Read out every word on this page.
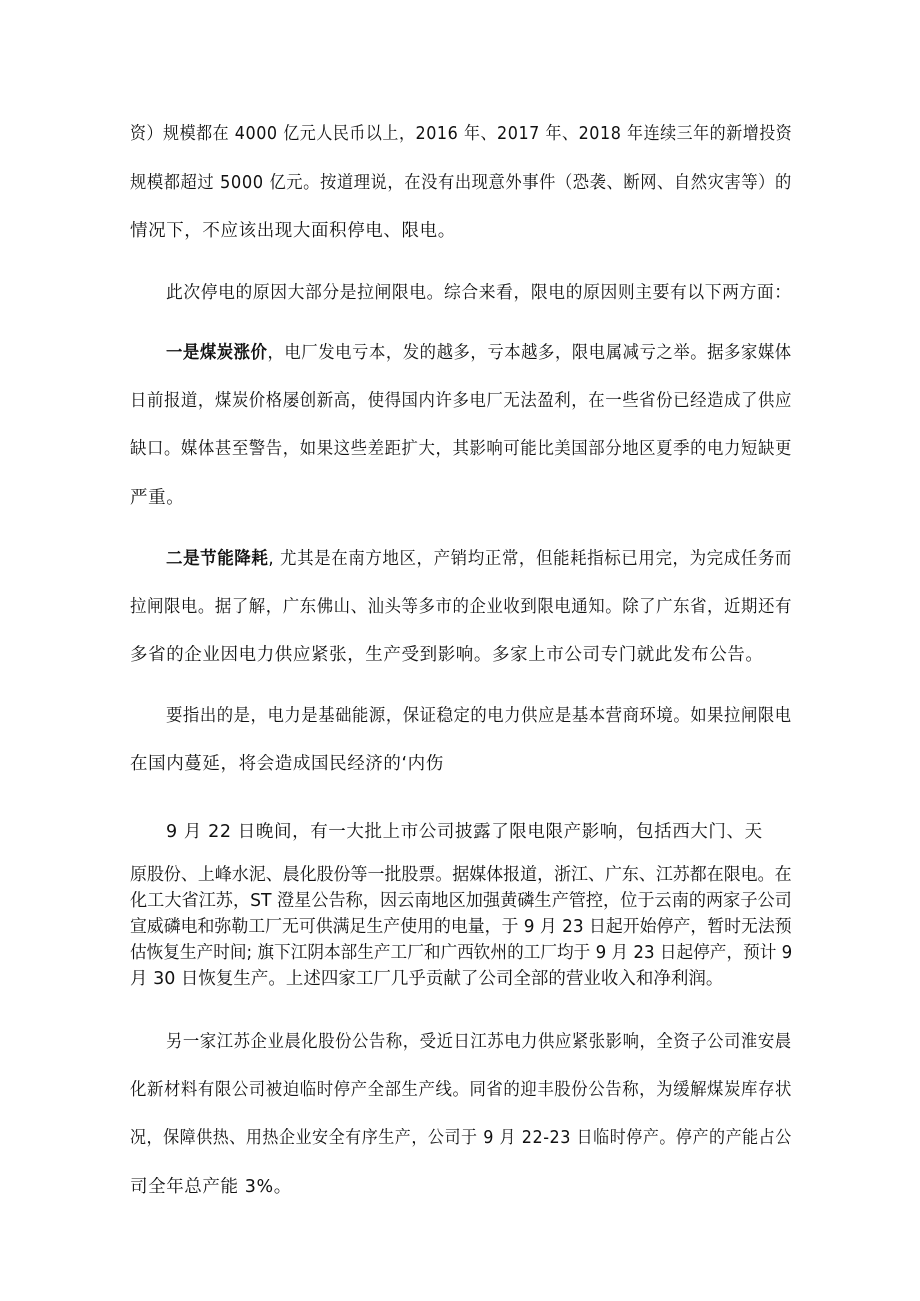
资）规模都在 4000 亿元人民币以上，2016 年、2017 年、2018 年连续三年的新增投资
规模都超过 5000 亿元。按道理说，在没有出现意外事件（恐袭、断网、自然灾害等）的
情况下，不应该出现大面积停电、限电。
此次停电的原因大部分是拉闸限电。综合来看，限电的原因则主要有以下两方面：
一是煤炭涨价，电厂发电亏本，发的越多，亏本越多，限电属减亏之举。据多家媒体
日前报道，煤炭价格屡创新高，使得国内许多电厂无法盈利，在一些省份已经造成了供应
缺口。媒体甚至警告，如果这些差距扩大，其影响可能比美国部分地区夏季的电力短缺更
严重。
二是节能降耗, 尤其是在南方地区，产销均正常，但能耗指标已用完，为完成任务而
拉闸限电。据了解，广东佛山、汕头等多市的企业收到限电通知。除了广东省，近期还有
多省的企业因电力供应紧张，生产受到影响。多家上市公司专门就此发布公告。
要指出的是，电力是基础能源，保证稳定的电力供应是基本营商环境。如果拉闸限电
在国内蔓延，将会造成国民经济的‘内伤
9 月 22 日晚间，有一大批上市公司披露了限电限产影响，包括西大门、天
原股份、上峰水泥、晨化股份等一批股票。据媒体报道，浙江、广东、江苏都在限电。在
化工大省江苏，ST 澄星公告称，因云南地区加强黄磷生产管控，位于云南的两家子公司
宣威磷电和弥勒工厂无可供满足生产使用的电量，于 9 月 23 日起开始停产，暂时无法预
估恢复生产时间; 旗下江阴本部生产工厂和广西钦州的工厂均于 9 月 23 日起停产，预计 9
月 30 日恢复生产。上述四家工厂几乎贡献了公司全部的营业收入和净利润。
另一家江苏企业晨化股份公告称，受近日江苏电力供应紧张影响，全资子公司淮安晨
化新材料有限公司被迫临时停产全部生产线。同省的迎丰股份公告称，为缓解煤炭库存状
况，保障供热、用热企业安全有序生产，公司于 9 月 22-23 日临时停产。停产的产能占公
司全年总产能 3%。
